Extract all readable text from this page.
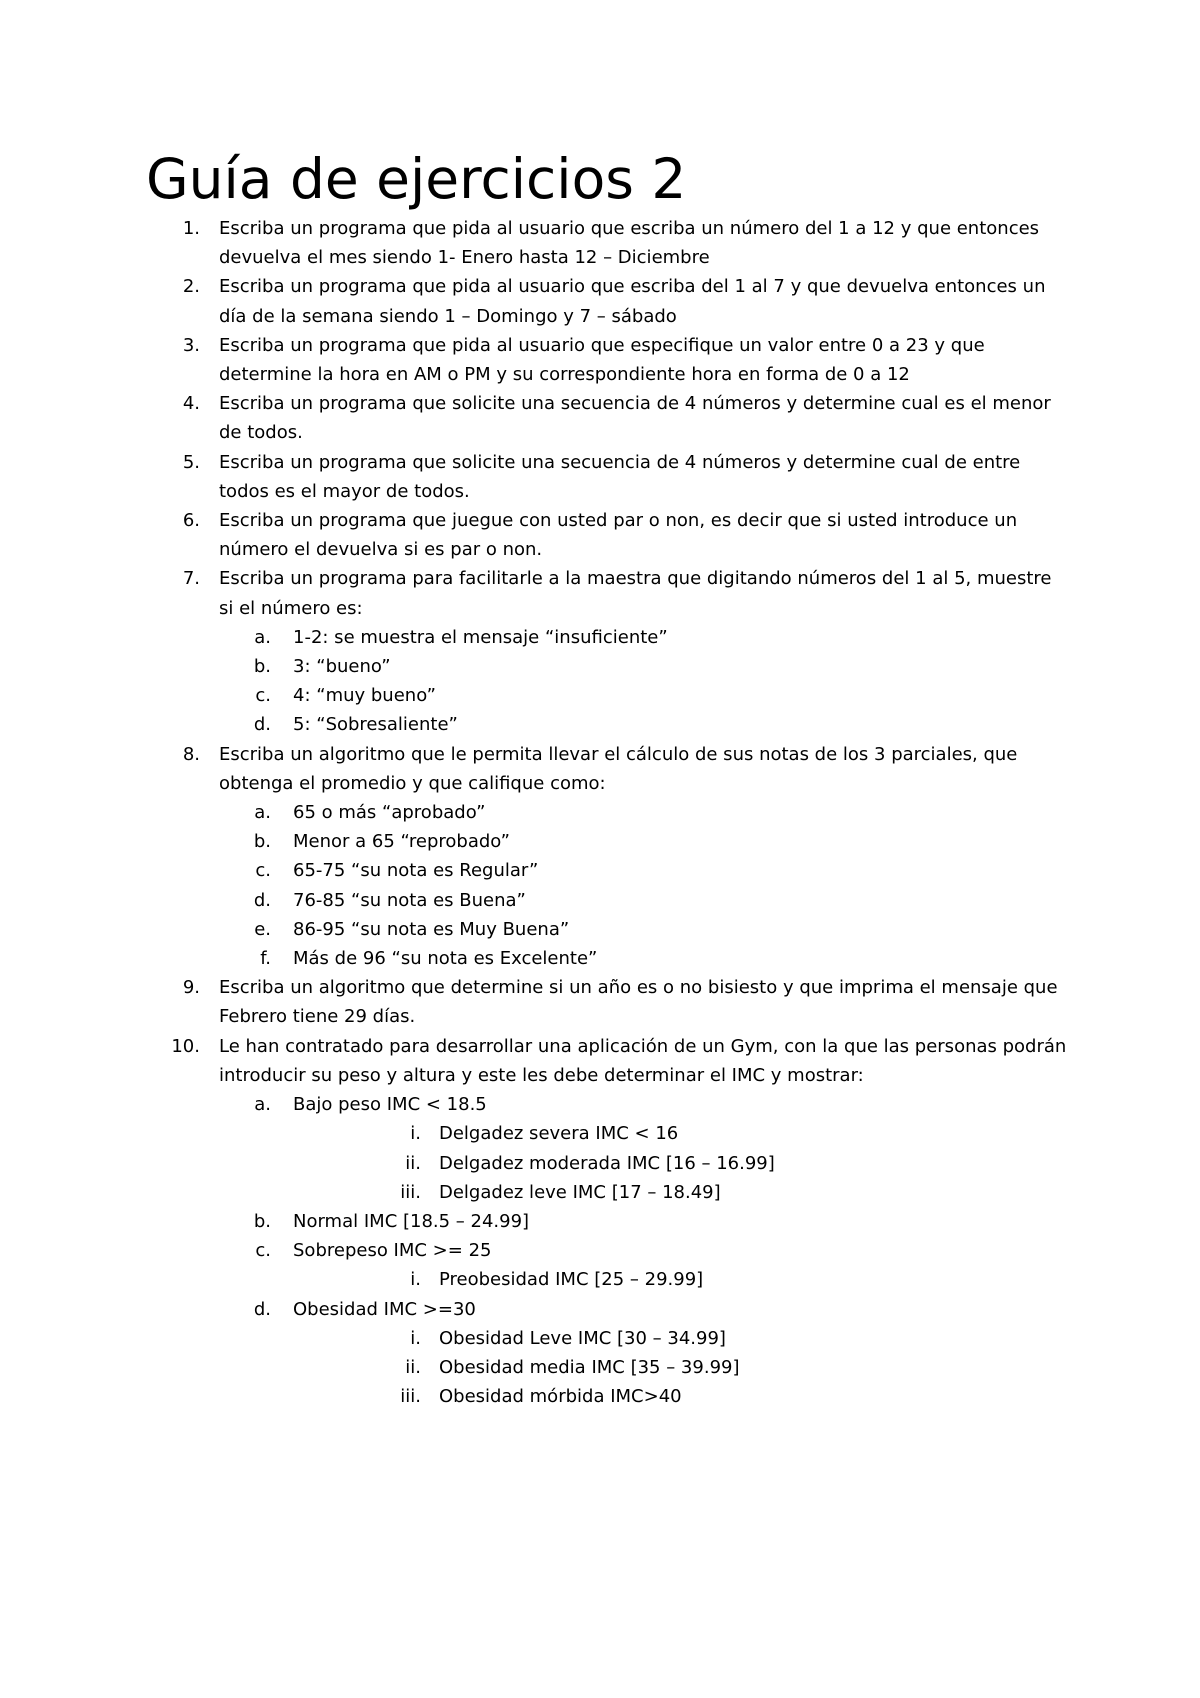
Guía de ejercicios 2
1. Escriba un programa que pida al usuario que escriba un número del 1 a 12 y que entonces devuelva el mes siendo 1- Enero hasta 12 – Diciembre
2. Escriba un programa que pida al usuario que escriba del 1 al 7 y que devuelva entonces un día de la semana siendo 1 – Domingo y 7 – sábado
3. Escriba un programa que pida al usuario que especifique un valor entre 0 a 23 y que determine la hora en AM o PM y su correspondiente hora en forma de 0 a 12
4. Escriba un programa que solicite una secuencia de 4 números y determine cual es el menor de todos.
5. Escriba un programa que solicite una secuencia de 4 números y determine cual de entre todos es el mayor de todos.
6. Escriba un programa que juegue con usted par o non, es decir que si usted introduce un número el devuelva si es par o non.
7. Escriba un programa para facilitarle a la maestra que digitando números del 1 al 5, muestre si el número es:
a. 1-2: se muestra el mensaje “insuficiente”
b. 3: “bueno”
c. 4: “muy bueno”
d. 5: “Sobresaliente”
8. Escriba un algoritmo que le permita llevar el cálculo de sus notas de los 3 parciales, que obtenga el promedio y que califique como:
a. 65 o más “aprobado”
b. Menor a 65 “reprobado”
c. 65-75 “su nota es Regular”
d. 76-85 “su nota es Buena”
e. 86-95 “su nota es Muy Buena”
f. Más de 96 “su nota es Excelente”
9. Escriba un algoritmo que determine si un año es o no bisiesto y que imprima el mensaje que Febrero tiene 29 días.
10. Le han contratado para desarrollar una aplicación de un Gym, con la que las personas podrán introducir su peso y altura y este les debe determinar el IMC y mostrar:
a. Bajo peso IMC < 18.5
i. Delgadez severa IMC < 16
ii. Delgadez moderada IMC [16 – 16.99]
iii. Delgadez leve IMC [17 – 18.49]
b. Normal IMC [18.5 – 24.99]
c. Sobrepeso IMC >= 25
i. Preobesidad IMC [25 – 29.99]
d. Obesidad IMC >=30
i. Obesidad Leve IMC [30 – 34.99]
ii. Obesidad media IMC [35 – 39.99]
iii. Obesidad mórbida IMC>40
